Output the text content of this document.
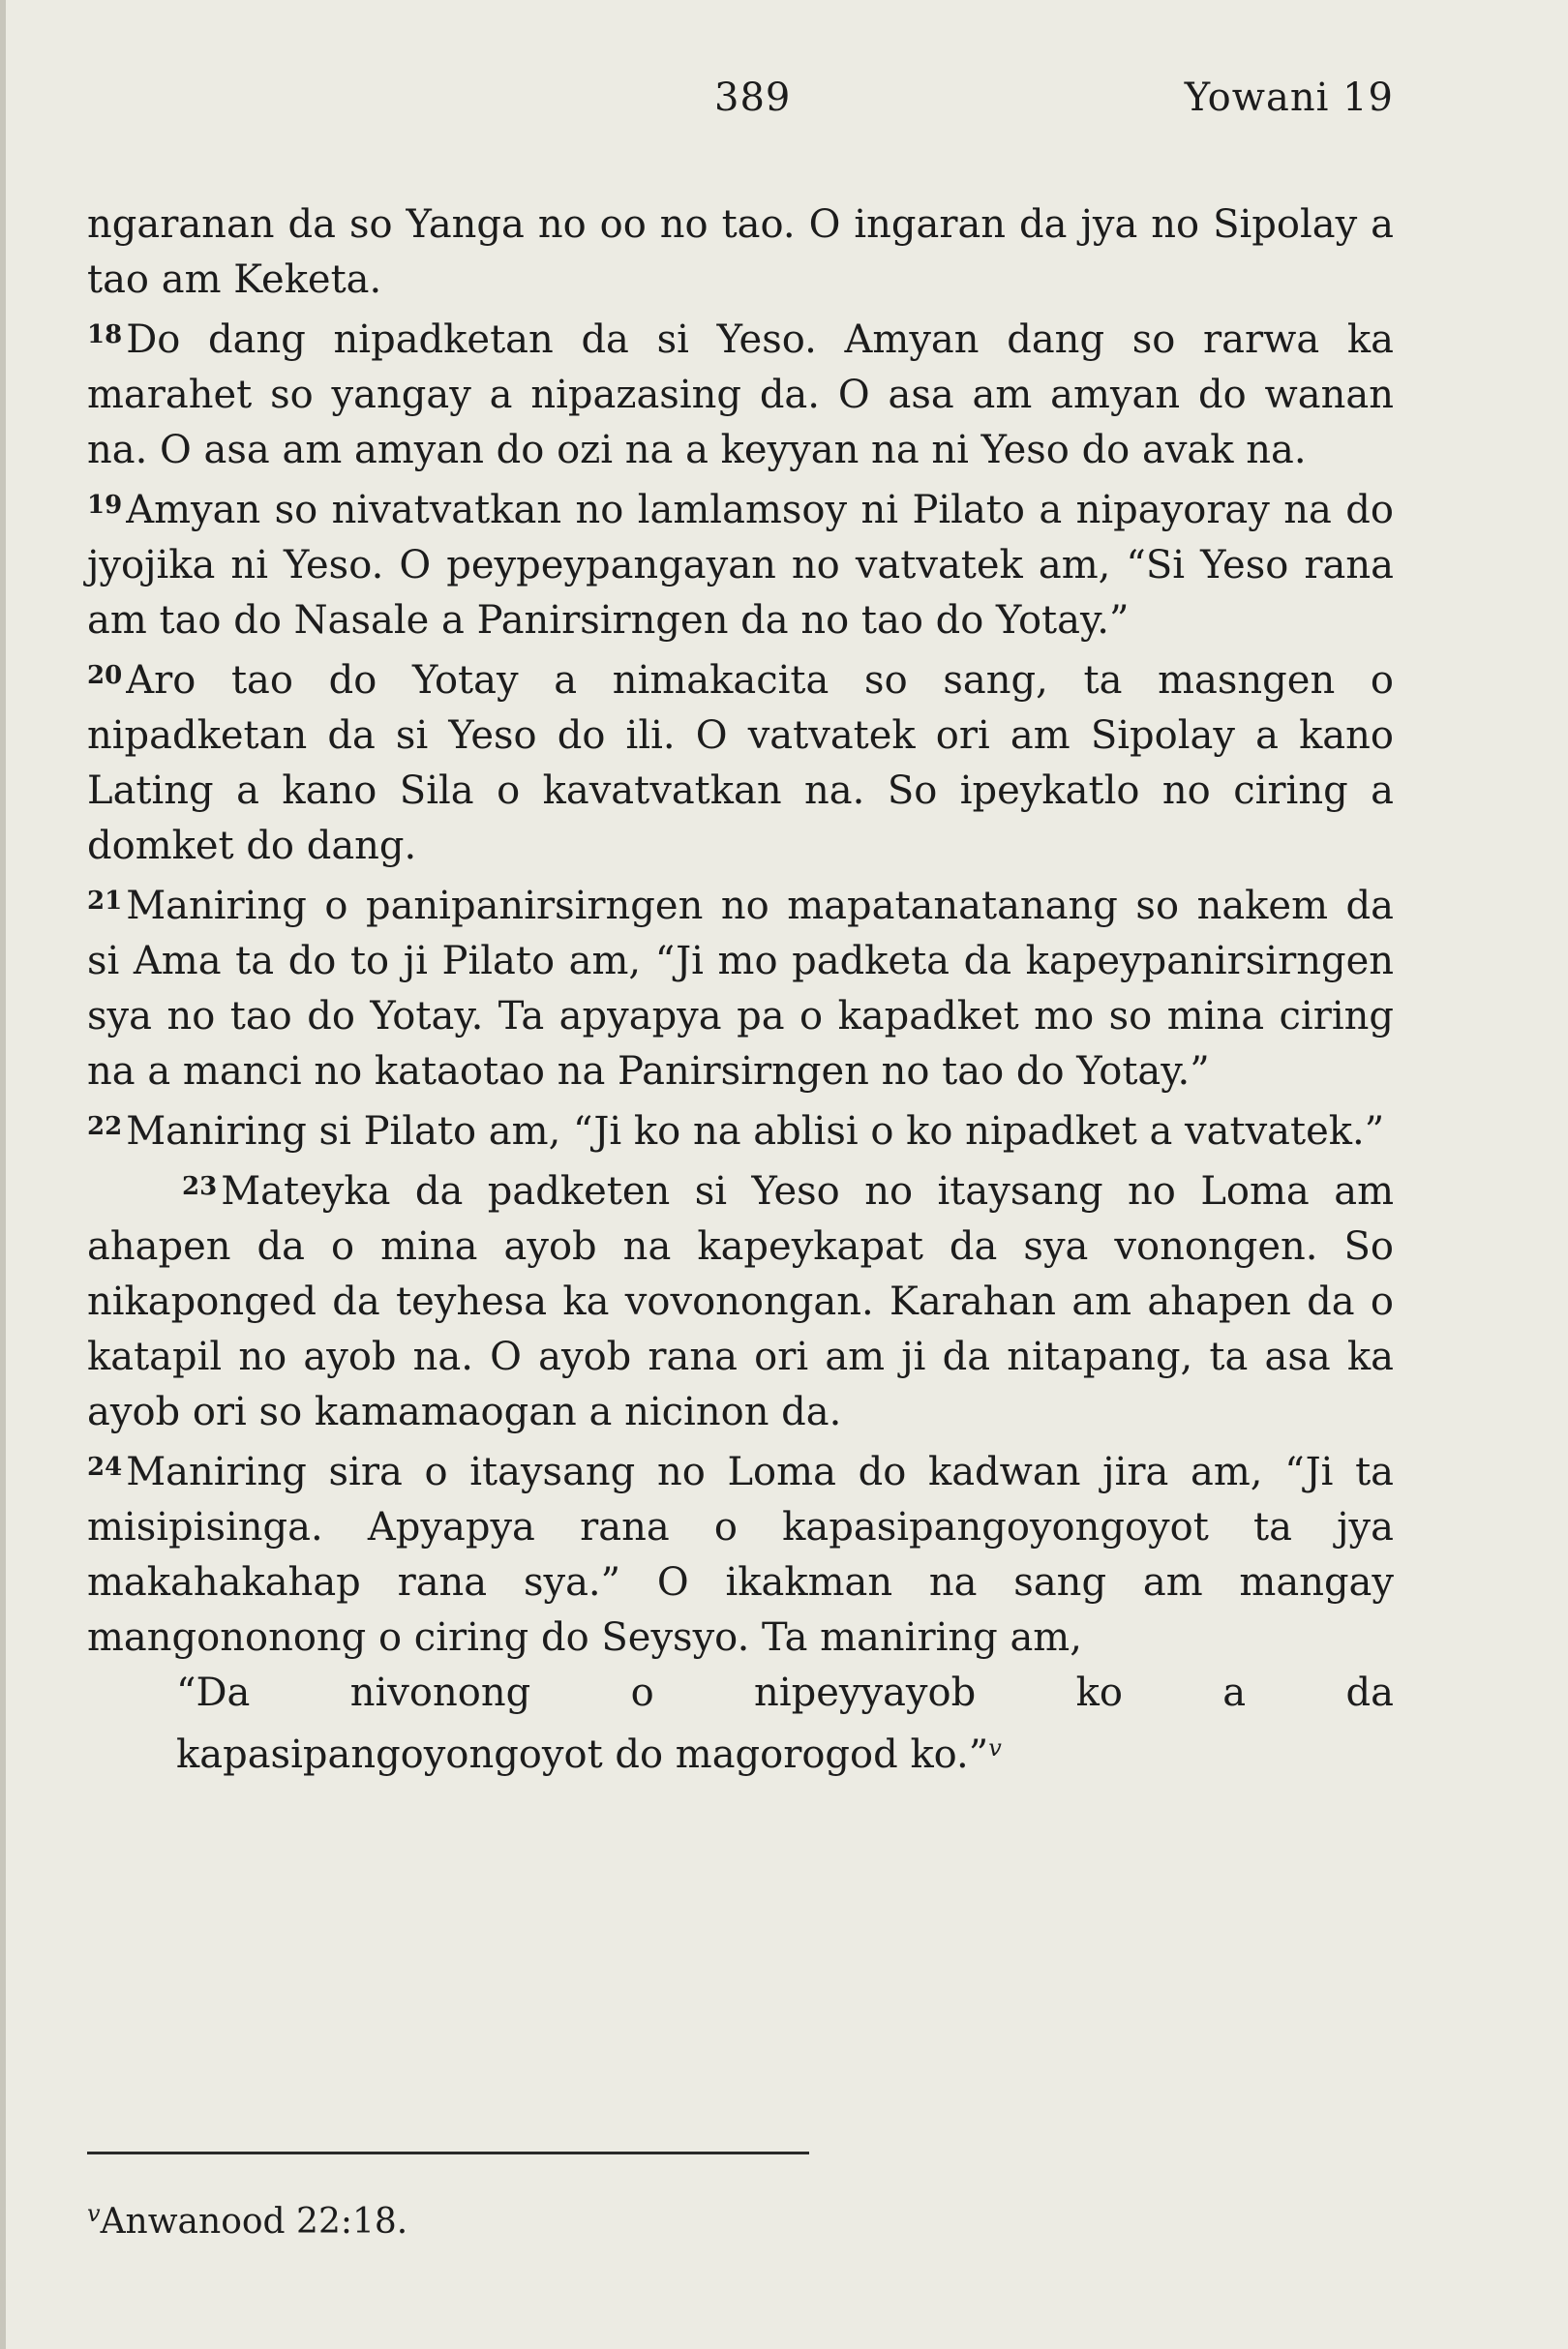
389	Yowani 19

ngaranan da so Yanga no oo no tao. O ingaran da jya no Sipolay a tao am Keketa.

$^{18}$ Do dang nipadketan da si Yeso. Amyan dang so rarwa ka marahet so yangay a nipazasing da. O asa am amyan do wanan na. O asa am amyan do ozi na a keyyan na ni Yeso do avak na.

$^{19}$ Amyan so nivatvatkan no lamlamsoy ni Pilato a nipayoray na do jyojika ni Yeso. O peypeypangayan no vatvatek am, “Si Yeso rana am tao do Nasale a Panirsirngen da no tao do Yotay.”

$^{20}$ Aro tao do Yotay a nimakacita so sang, ta masngen o nipadketan da si Yeso do ili. O vatvatek ori am Sipolay a kano Lating a kano Sila o kavatvatkan na. So ipeykatlo no ciring a domket do dang.

$^{21}$ Maniring o panipanirsirngen no mapatanatanang so nakem da si Ama ta do to ji Pilato am, “Ji mo padketa da kapeypanirsirngen sya no tao do Yotay. Ta apyapya pa o kapadket mo so mina ciring na a manci no kataotao na Panirsirngen no tao do Yotay.”

$^{22}$ Maniring si Pilato am, “Ji ko na ablisi o ko nipadket a vatvatek.”

$^{23}$ Mateyka da padketen si Yeso no itaysang no Loma am ahapen da o mina ayob na kapeykapat da sya vonongen. So nikaponged da teyhesa ka vovonongan. Karahan am ahapen da o katapil no ayob na. O ayob rana ori am ji da nitapang, ta asa ka ayob ori so kamamaogan a nicinon da.

$^{24}$ Maniring sira o itaysang no Loma do kadwan jira am, “Ji ta misipisinga. Apyapya rana o kapasipangoyongoyot ta jya makahakahap rana sya.” O ikakman na sang am mangay mangononong o ciring do Seysyo. Ta maniring am,

“Da nivonong o nipeyyayob ko a da
kapasipangoyongoyot do magorogod ko.”$^v$
$^v$Anwanood 22:18.
